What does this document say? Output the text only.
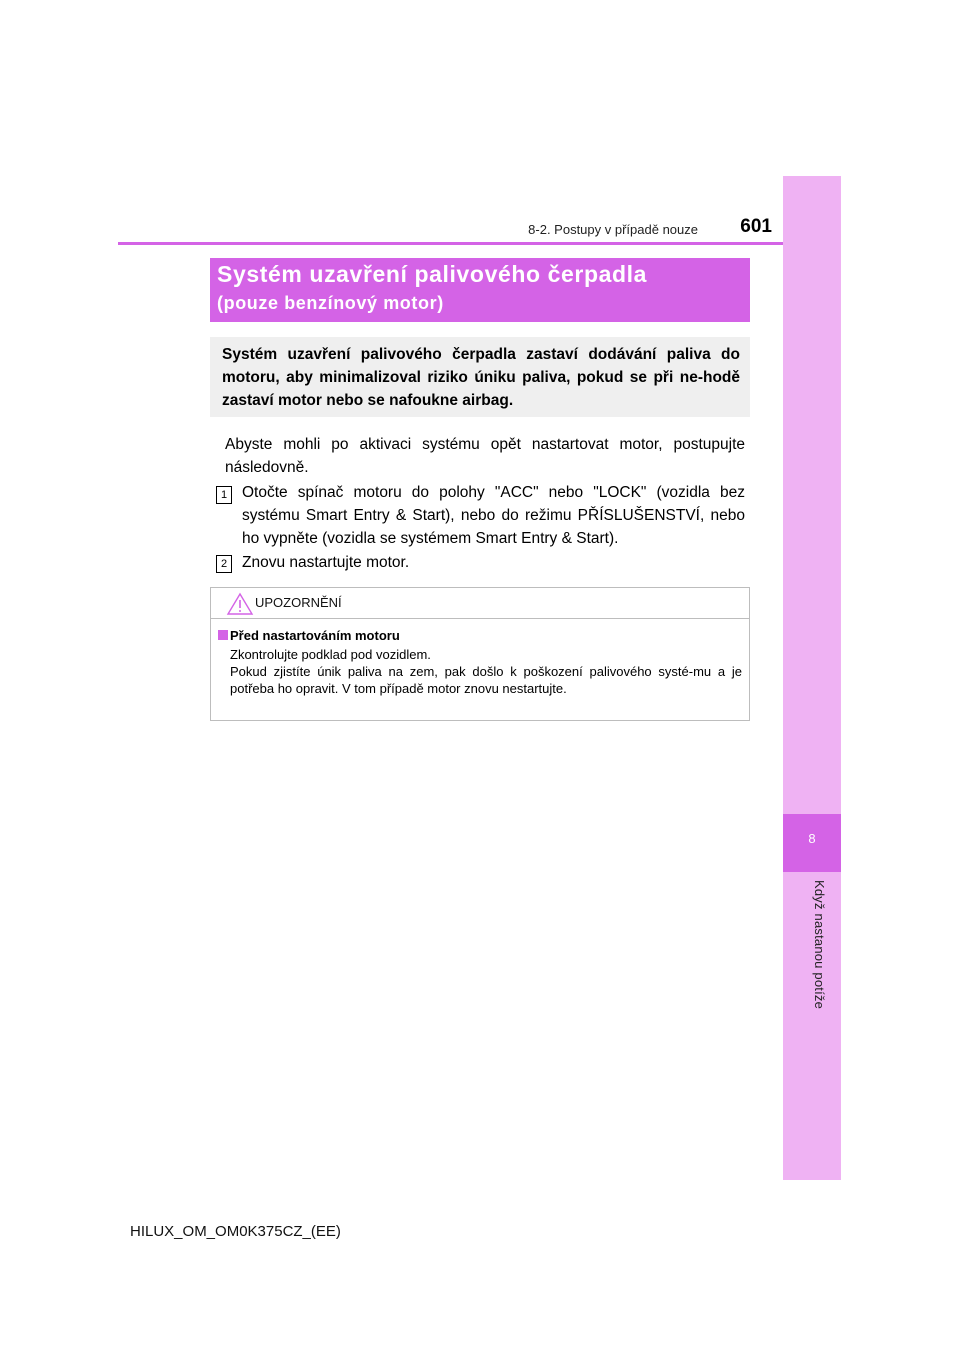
8
Když nastanou potíže
8-2. Postupy v případě nouze	601
Systém uzavření palivového čerpadla
(pouze benzínový motor)
Systém uzavření palivového čerpadla zastaví dodávání paliva do motoru, aby minimalizoval riziko úniku paliva, pokud se při ne-hodě zastaví motor nebo se nafoukne airbag.
Abyste mohli po aktivaci systému opět nastartovat motor, postupujte následovně.
1 Otočte spínač motoru do polohy "ACC" nebo "LOCK" (vozidla bez systému Smart Entry & Start), nebo do režimu PŘÍSLUŠENSTVÍ, nebo ho vypněte (vozidla se systémem Smart Entry & Start).
2 Znovu nastartujte motor.
UPOZORNĚNÍ
Před nastartováním motoru
Zkontrolujte podklad pod vozidlem.
Pokud zjistíte únik paliva na zem, pak došlo k poškození palivového systé-mu a je potřeba ho opravit. V tom případě motor znovu nestartujte.
HILUX_OM_OM0K375CZ_(EE)
